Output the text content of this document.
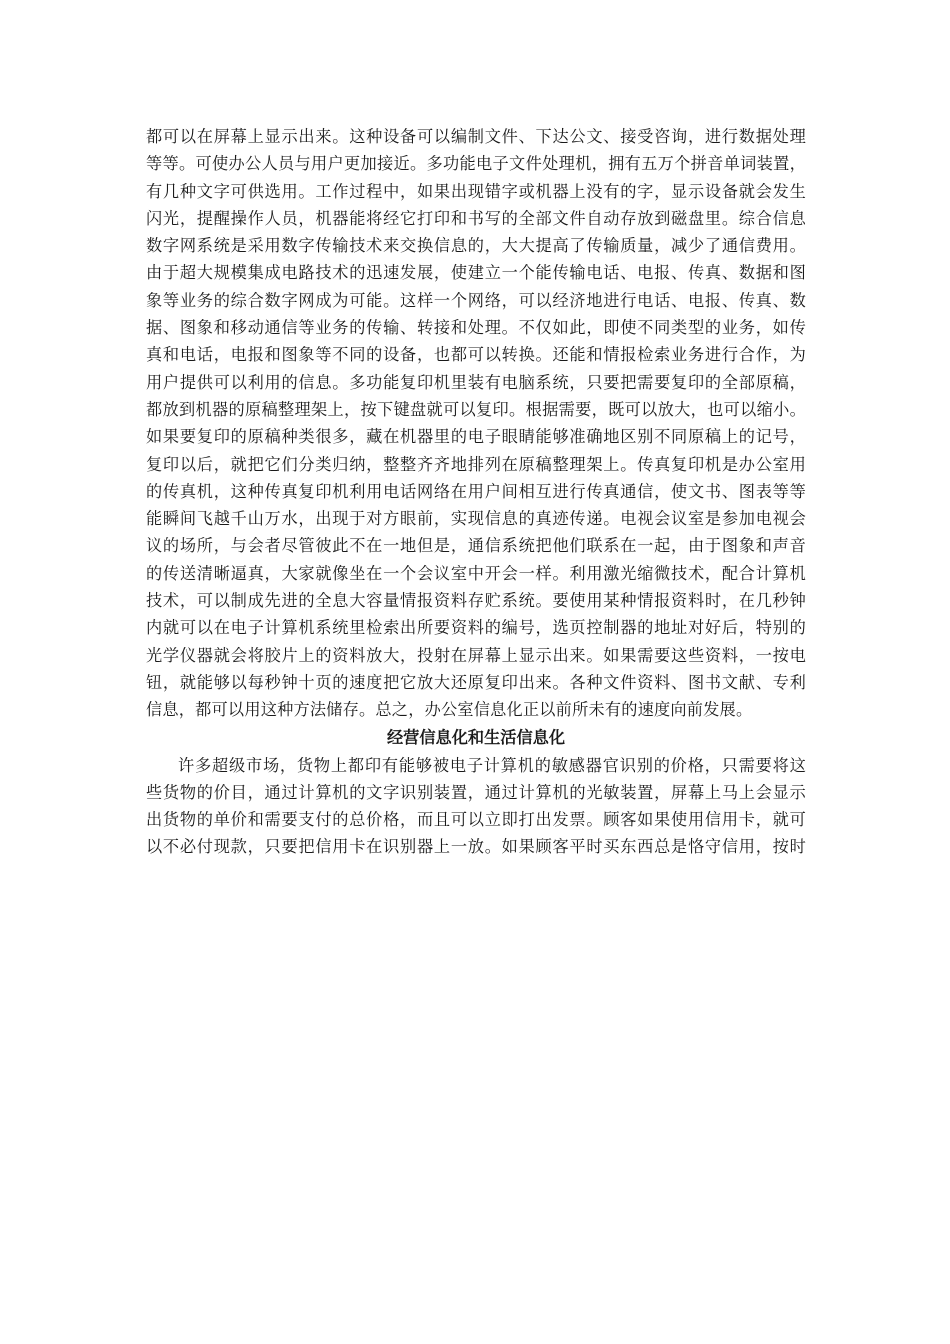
都可以在屏幕上显示出来。这种设备可以编制文件、下达公文、接受咨询，进行数据处理
等等。可使办公人员与用户更加接近。多功能电子文件处理机，拥有五万个拼音单词装置，
有几种文字可供选用。工作过程中，如果出现错字或机器上没有的字，显示设备就会发生
闪光，提醒操作人员，机器能将经它打印和书写的全部文件自动存放到磁盘里。综合信息
数字网系统是采用数字传输技术来交换信息的，大大提高了传输质量，减少了通信费用。
由于超大规模集成电路技术的迅速发展，使建立一个能传输电话、电报、传真、数据和图
象等业务的综合数字网成为可能。这样一个网络，可以经济地进行电话、电报、传真、数
据、图象和移动通信等业务的传输、转接和处理。不仅如此，即使不同类型的业务，如传
真和电话，电报和图象等不同的设备，也都可以转换。还能和情报检索业务进行合作，为
用户提供可以利用的信息。多功能复印机里装有电脑系统，只要把需要复印的全部原稿，
都放到机器的原稿整理架上，按下键盘就可以复印。根据需要，既可以放大，也可以缩小。
如果要复印的原稿种类很多，藏在机器里的电子眼睛能够准确地区别不同原稿上的记号，
复印以后，就把它们分类归纳，整整齐齐地排列在原稿整理架上。传真复印机是办公室用
的传真机，这种传真复印机利用电话网络在用户间相互进行传真通信，使文书、图表等等
能瞬间飞越千山万水，出现于对方眼前，实现信息的真迹传递。电视会议室是参加电视会
议的场所，与会者尽管彼此不在一地但是，通信系统把他们联系在一起，由于图象和声音
的传送清晰逼真，大家就像坐在一个会议室中开会一样。利用激光缩微技术，配合计算机
技术，可以制成先进的全息大容量情报资料存贮系统。要使用某种情报资料时，在几秒钟
内就可以在电子计算机系统里检索出所要资料的编号，选页控制器的地址对好后，特别的
光学仪器就会将胶片上的资料放大，投射在屏幕上显示出来。如果需要这些资料，一按电
钮，就能够以每秒钟十页的速度把它放大还原复印出来。各种文件资料、图书文献、专利
信息，都可以用这种方法储存。总之，办公室信息化正以前所未有的速度向前发展。
经营信息化和生活信息化
许多超级市场，货物上都印有能够被电子计算机的敏感器官识别的价格，只需要将这
些货物的价目，通过计算机的文字识别装置，通过计算机的光敏装置，屏幕上马上会显示
出货物的单价和需要支付的总价格，而且可以立即打出发票。顾客如果使用信用卡，就可
以不必付现款，只要把信用卡在识别器上一放。如果顾客平时买东西总是恪守信用，按时
